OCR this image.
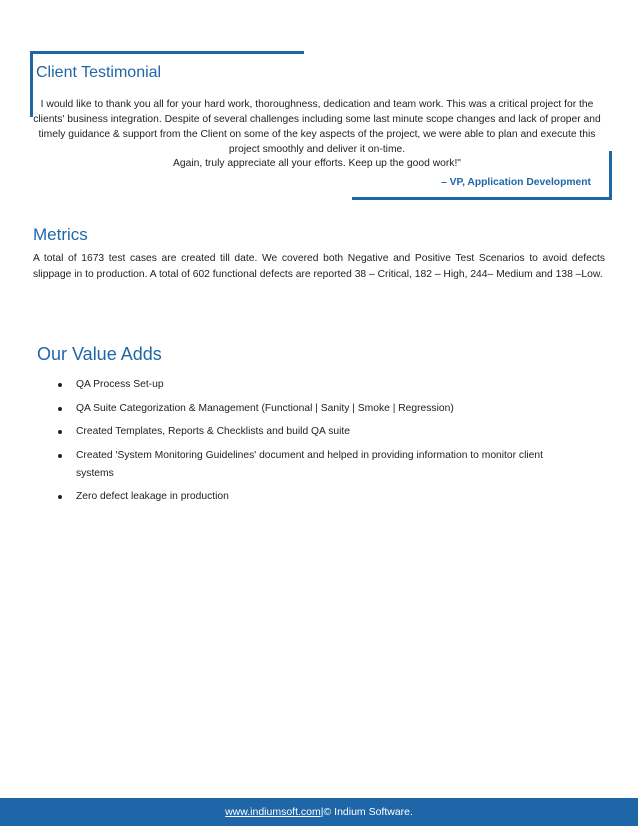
Client Testimonial
I would like to thank you all for your hard work, thoroughness, dedication and team work. This was a critical project for the clients' business integration. Despite of several challenges including some last minute scope changes and lack of proper and timely guidance & support from the Client on some of the key aspects of the project, we were able to plan and execute this project smoothly and deliver it on-time.
Again, truly appreciate all your efforts. Keep up the good work!"
– VP, Application Development
Metrics
A total of 1673 test cases are created till date. We covered both Negative and Positive Test Scenarios to avoid defects slippage in to production. A total of 602 functional defects are reported 38 – Critical, 182 – High, 244– Medium and 138 –Low.
Our Value Adds
QA Process Set-up
QA Suite Categorization & Management (Functional | Sanity | Smoke | Regression)
Created Templates, Reports & Checklists and build QA suite
Created 'System Monitoring Guidelines' document and helped in providing information to monitor client systems
Zero defect leakage in production
www.indiumsoft.com |© Indium Software.
